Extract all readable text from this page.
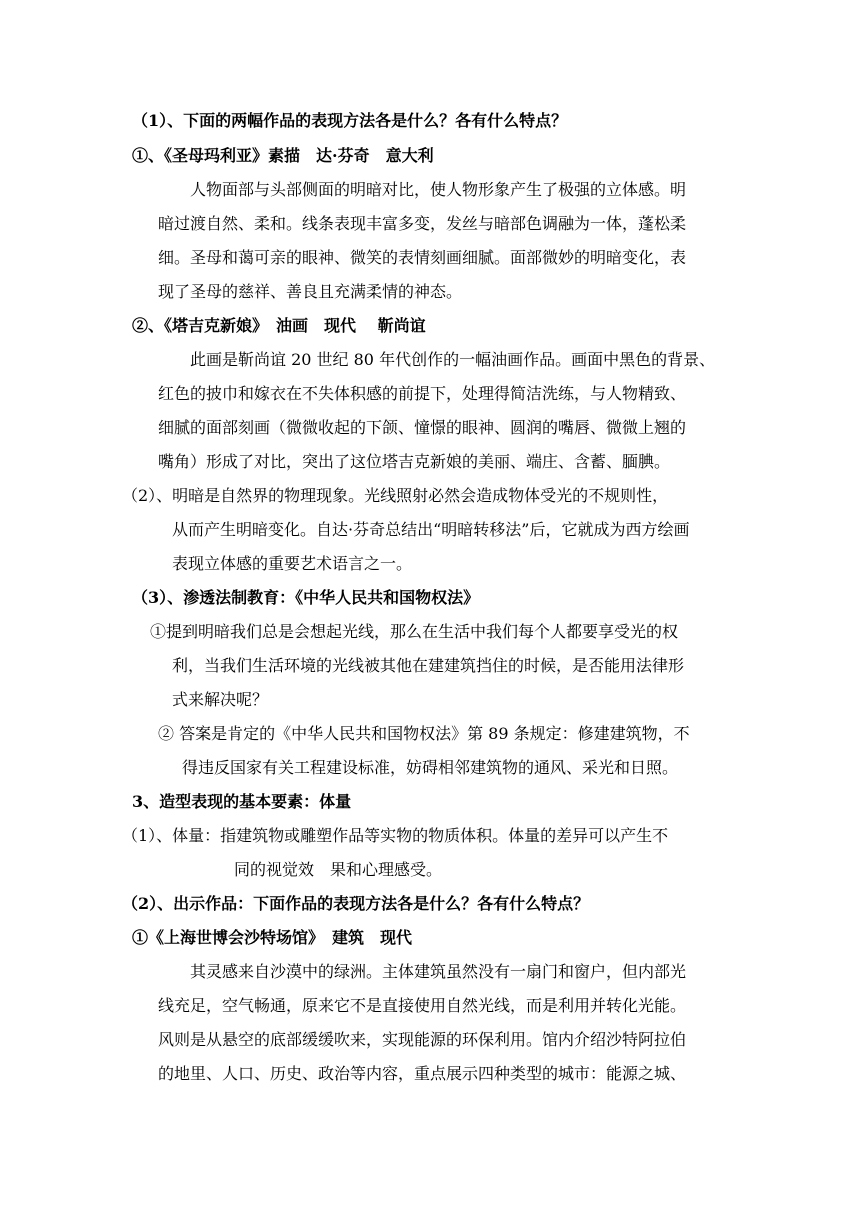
（1）、下面的两幅作品的表现方法各是什么？各有什么特点？
①、《圣母玛利亚》素描　达·芬奇　意大利
人物面部与头部侧面的明暗对比，使人物形象产生了极强的立体感。明
暗过渡自然、柔和。线条表现丰富多变，发丝与暗部色调融为一体，蓬松柔
细。圣母和蔼可亲的眼神、微笑的表情刻画细腻。面部微妙的明暗变化，表
现了圣母的慈祥、善良且充满柔情的神态。
②、《塔吉克新娘》　油画　现代　 靳尚谊
此画是靳尚谊 20 世纪 80 年代创作的一幅油画作品。画面中黑色的背景、
红色的披巾和嫁衣在不失体积感的前提下，处理得简洁洗练，与人物精致、
细腻的面部刻画（微微收起的下颌、憧憬的眼神、圆润的嘴唇、微微上翘的
嘴角）形成了对比，突出了这位塔吉克新娘的美丽、端庄、含蓄、腼腆。
（2）、明暗是自然界的物理现象。光线照射必然会造成物体受光的不规则性，
从而产生明暗变化。自达·芬奇总结出“明暗转移法”后，它就成为西方绘画
表现立体感的重要艺术语言之一。
（3）、渗透法制教育：《中华人民共和国物权法》
①提到明暗我们总是会想起光线，那么在生活中我们每个人都要享受光的权
利，当我们生活环境的光线被其他在建建筑挡住的时候，是否能用法律形
式来解决呢？
② 答案是肯定的《中华人民共和国物权法》第 89 条规定：修建建筑物，不
得违反国家有关工程建设标准，妨碍相邻建筑物的通风、采光和日照。
3、造型表现的基本要素：体量
（1）、体量：指建筑物或雕塑作品等实物的物质体积。体量的差异可以产生不
同的视觉效　果和心理感受。
（2）、出示作品：下面作品的表现方法各是什么？各有什么特点？
①《上海世博会沙特场馆》　建筑　现代
其灵感来自沙漠中的绿洲。主体建筑虽然没有一扇门和窗户，但内部光
线充足，空气畅通，原来它不是直接使用自然光线，而是利用并转化光能。
风则是从悬空的底部缓缓吹来，实现能源的环保利用。馆内介绍沙特阿拉伯
的地里、人口、历史、政治等内容，重点展示四种类型的城市：能源之城、
